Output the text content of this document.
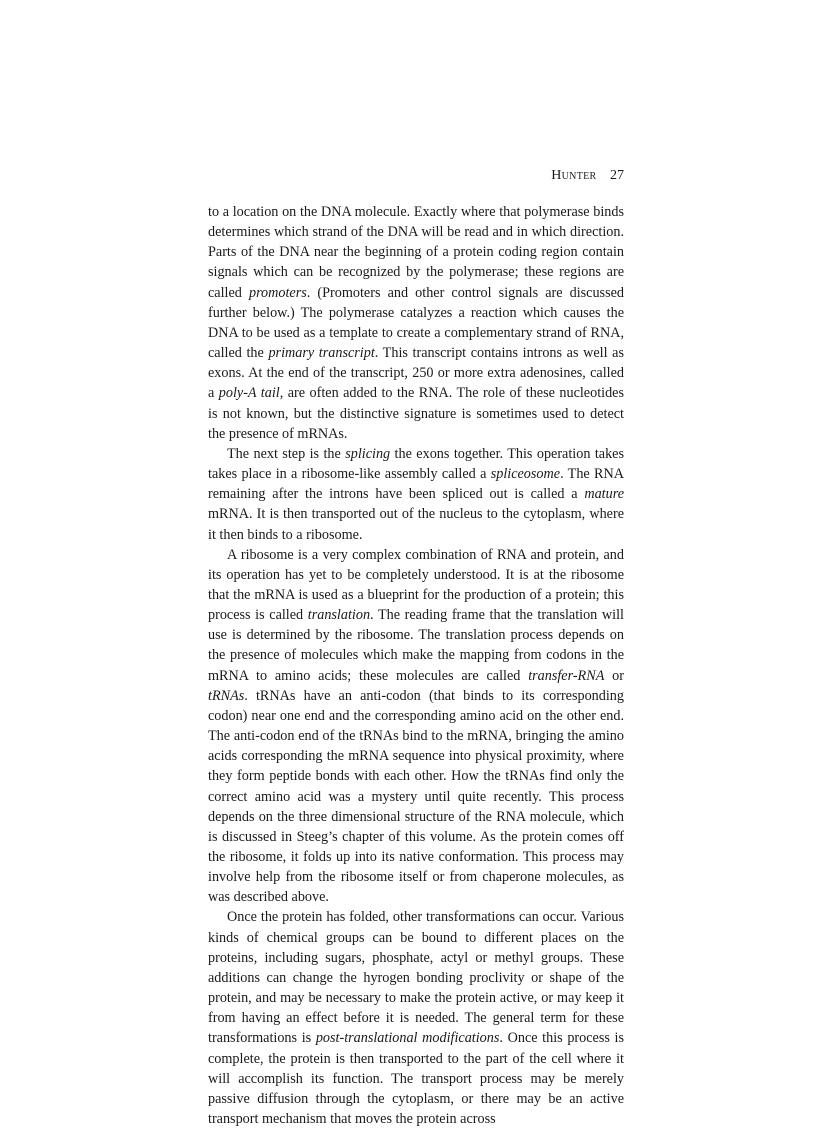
Hunter 27

to a location on the DNA molecule. Exactly where that polymerase binds determines which strand of the DNA will be read and in which direction. Parts of the DNA near the beginning of a protein coding region contain signals which can be recognized by the polymerase; these regions are called promoters. (Promoters and other control signals are discussed further below.) The polymerase catalyzes a reaction which causes the DNA to be used as a template to create a complementary strand of RNA, called the primary transcript. This transcript contains introns as well as exons. At the end of the transcript, 250 or more extra adenosines, called a poly-A tail, are often added to the RNA. The role of these nucleotides is not known, but the distinctive signature is sometimes used to detect the presence of mRNAs.

The next step is the splicing the exons together. This operation takes takes place in a ribosome-like assembly called a spliceosome. The RNA remaining after the introns have been spliced out is called a mature mRNA. It is then transported out of the nucleus to the cytoplasm, where it then binds to a ribosome.

A ribosome is a very complex combination of RNA and protein, and its operation has yet to be completely understood. It is at the ribosome that the mRNA is used as a blueprint for the production of a protein; this process is called translation. The reading frame that the translation will use is determined by the ribosome. The translation process depends on the presence of molecules which make the mapping from codons in the mRNA to amino acids; these molecules are called transfer-RNA or tRNAs. tRNAs have an anti-codon (that binds to its corresponding codon) near one end and the corresponding amino acid on the other end. The anti-codon end of the tRNAs bind to the mRNA, bringing the amino acids corresponding the mRNA sequence into physical proximity, where they form peptide bonds with each other. How the tRNAs find only the correct amino acid was a mystery until quite recently. This process depends on the three dimensional structure of the RNA molecule, which is discussed in Steeg’s chapter of this volume. As the protein comes off the ribosome, it folds up into its native conformation. This process may involve help from the ribosome itself or from chaperone molecules, as was described above.

Once the protein has folded, other transformations can occur. Various kinds of chemical groups can be bound to different places on the proteins, including sugars, phosphate, actyl or methyl groups. These additions can change the hyrogen bonding proclivity or shape of the protein, and may be necessary to make the protein active, or may keep it from having an effect before it is needed. The general term for these transformations is post-translational modifications. Once this process is complete, the protein is then transported to the part of the cell where it will accomplish its function. The transport process may be merely passive diffusion through the cytoplasm, or there may be an active transport mechanism that moves the protein across
